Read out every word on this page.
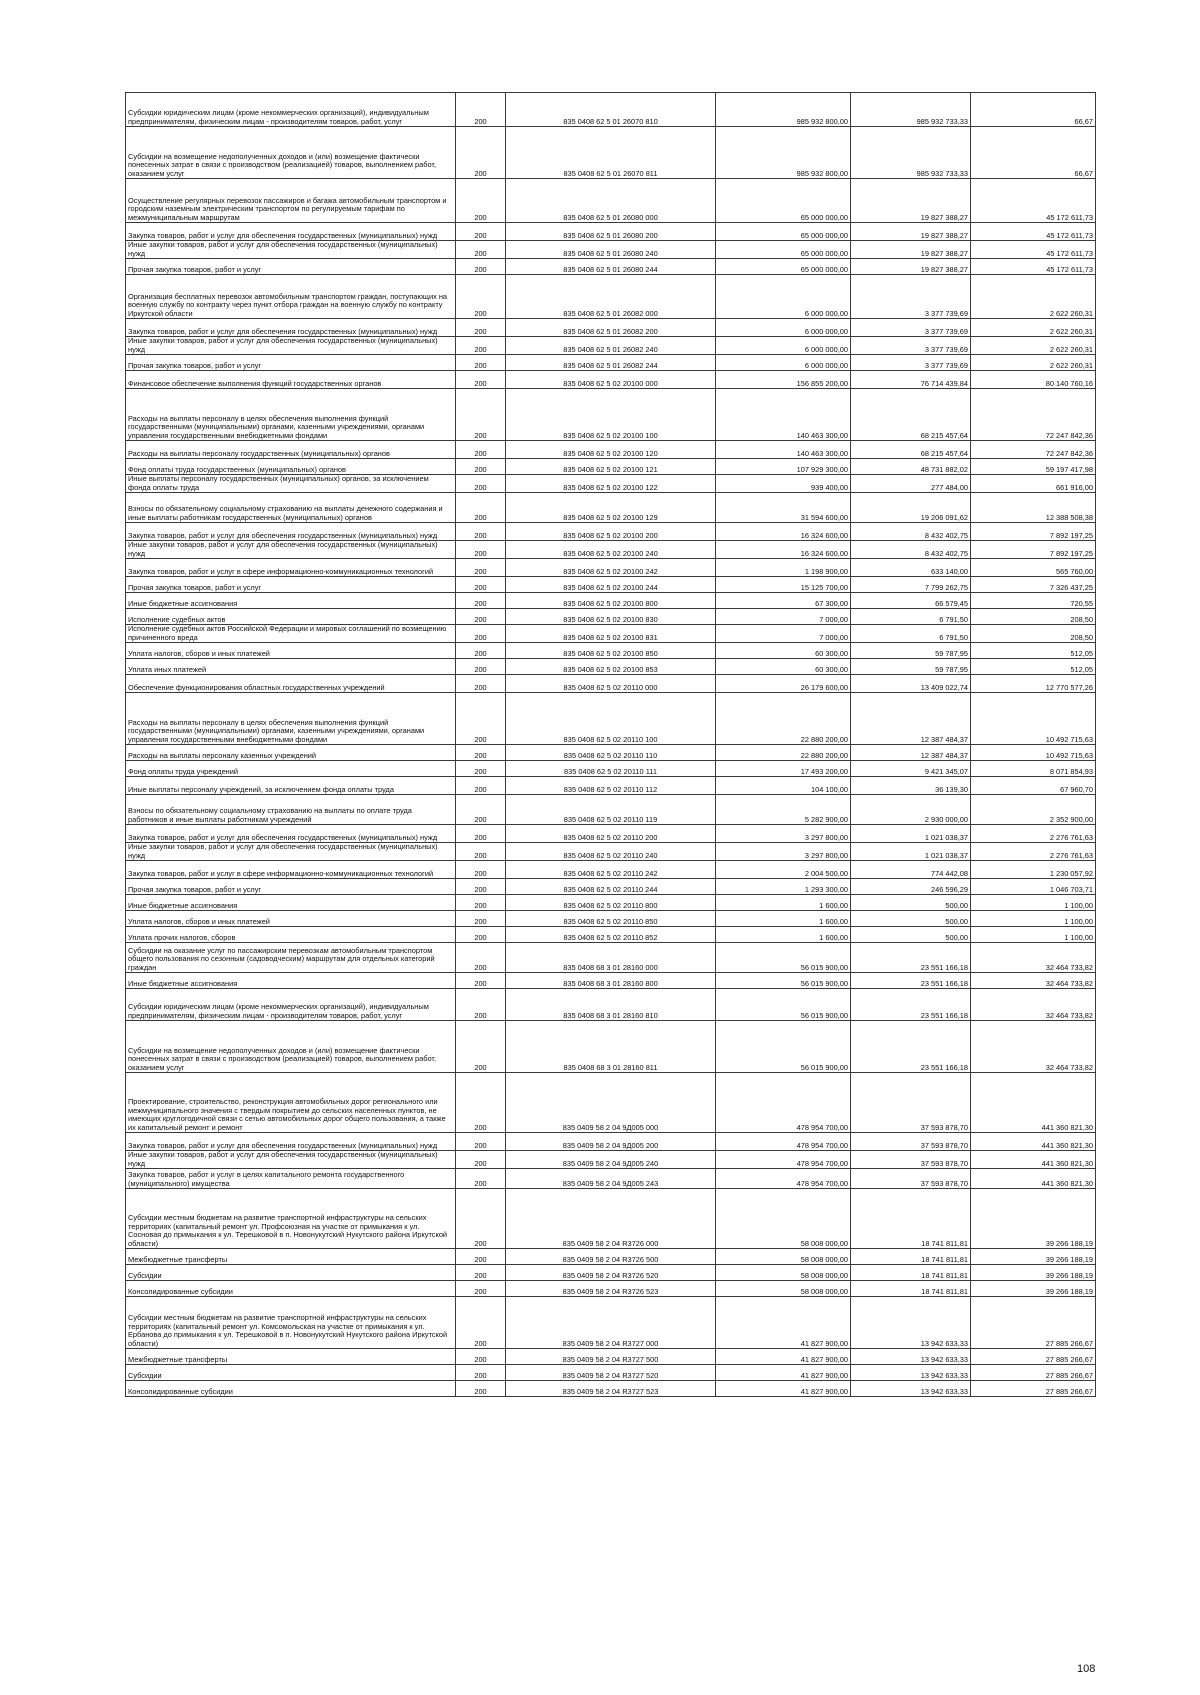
Субсидии юридическим лицам (кроме некоммерческих организаций), индивидуальным предпринимателям, физическим лицам - производителям товаров, работ, услуг	200	835 0408 62 5 01 26070 810	985 932 800,00	985 932 733,33	66,67
Субсидии на возмещение недополученных доходов и (или) возмещение фактически понесенных затрат в связи с производством (реализацией) товаров, выполнением работ, оказанием услуг	200	835 0408 62 5 01 26070 811	985 932 800,00	985 932 733,33	66,67
Осуществление регулярных перевозок пассажиров и багажа автомобильным транспортом и городским наземным электрическим транспортом по регулируемым тарифам по межмуниципальным маршрутам	200	835 0408 62 5 01 26080 000	65 000 000,00	19 827 388,27	45 172 611,73
Закупка товаров, работ и услуг для обеспечения государственных (муниципальных) нужд	200	835 0408 62 5 01 26080 200	65 000 000,00	19 827 388,27	45 172 611,73
Иные закупки товаров, работ и услуг для обеспечения государственных (муниципальных) нужд	200	835 0408 62 5 01 26080 240	65 000 000,00	19 827 388,27	45 172 611,73
Прочая закупка товаров, работ и услуг	200	835 0408 62 5 01 26080 244	65 000 000,00	19 827 388,27	45 172 611,73
Организация бесплатных перевозок автомобильным транспортом граждан, поступающих на военную службу по контракту через пункт отбора граждан на военную службу по контракту Иркутской области	200	835 0408 62 5 01 26082 000	6 000 000,00	3 377 739,69	2 622 260,31
Закупка товаров, работ и услуг для обеспечения государственных (муниципальных) нужд	200	835 0408 62 5 01 26082 200	6 000 000,00	3 377 739,69	2 622 260,31
Иные закупки товаров, работ и услуг для обеспечения государственных (муниципальных) нужд	200	835 0408 62 5 01 26082 240	6 000 000,00	3 377 739,69	2 622 260,31
Прочая закупка товаров, работ и услуг	200	835 0408 62 5 01 26082 244	6 000 000,00	3 377 739,69	2 622 260,31
Финансовое обеспечение выполнения функций государственных органов	200	835 0408 62 5 02 20100 000	156 855 200,00	76 714 439,84	80 140 760,16
Расходы на выплаты персоналу в целях обеспечения выполнения функций государственными (муниципальными) органами, казенными учреждениями, органами управления государственными внебюджетными фондами	200	835 0408 62 5 02 20100 100	140 463 300,00	68 215 457,64	72 247 842,36
Расходы на выплаты персоналу государственных (муниципальных) органов	200	835 0408 62 5 02 20100 120	140 463 300,00	68 215 457,64	72 247 842,36
Фонд оплаты труда государственных (муниципальных) органов	200	835 0408 62 5 02 20100 121	107 929 300,00	48 731 882,02	59 197 417,98
Иные выплаты персоналу государственных (муниципальных) органов, за исключением фонда оплаты труда	200	835 0408 62 5 02 20100 122	939 400,00	277 484,00	661 916,00
Взносы по обязательному социальному страхованию на выплаты денежного содержания и иные выплаты работникам государственных (муниципальных) органов	200	835 0408 62 5 02 20100 129	31 594 600,00	19 206 091,62	12 388 508,38
Закупка товаров, работ и услуг для обеспечения государственных (муниципальных) нужд	200	835 0408 62 5 02 20100 200	16 324 600,00	8 432 402,75	7 892 197,25
Иные закупки товаров, работ и услуг для обеспечения государственных (муниципальных) нужд	200	835 0408 62 5 02 20100 240	16 324 600,00	8 432 402,75	7 892 197,25
Закупка товаров, работ и услуг в сфере информационно-коммуникационных технологий	200	835 0408 62 5 02 20100 242	1 198 900,00	633 140,00	565 760,00
Прочая закупка товаров, работ и услуг	200	835 0408 62 5 02 20100 244	15 125 700,00	7 799 262,75	7 326 437,25
Иные бюджетные ассигнования	200	835 0408 62 5 02 20100 800	67 300,00	66 579,45	720,55
Исполнение судебных актов	200	835 0408 62 5 02 20100 830	7 000,00	6 791,50	208,50
Исполнение судебных актов Российской Федерации и мировых соглашений по возмещению причиненного вреда	200	835 0408 62 5 02 20100 831	7 000,00	6 791,50	208,50
Уплата налогов, сборов и иных платежей	200	835 0408 62 5 02 20100 850	60 300,00	59 787,95	512,05
Уплата иных платежей	200	835 0408 62 5 02 20100 853	60 300,00	59 787,95	512,05
Обеспечение функционирования областных государственных учреждений	200	835 0408 62 5 02 20110 000	26 179 600,00	13 409 022,74	12 770 577,26
Расходы на выплаты персоналу в целях обеспечения выполнения функций государственными (муниципальными) органами, казенными учреждениями, органами управления государственными внебюджетными фондами	200	835 0408 62 5 02 20110 100	22 880 200,00	12 387 484,37	10 492 715,63
Расходы на выплаты персоналу казенных учреждений	200	835 0408 62 5 02 20110 110	22 880 200,00	12 387 484,37	10 492 715,63
Фонд оплаты труда учреждений	200	835 0408 62 5 02 20110 111	17 493 200,00	9 421 345,07	8 071 854,93
Иные выплаты персоналу учреждений, за исключением фонда оплаты труда	200	835 0408 62 5 02 20110 112	104 100,00	36 139,30	67 960,70
Взносы по обязательному социальному страхованию на выплаты по оплате труда работников и иные выплаты работникам учреждений	200	835 0408 62 5 02 20110 119	5 282 900,00	2 930 000,00	2 352 900,00
Закупка товаров, работ и услуг для обеспечения государственных (муниципальных) нужд	200	835 0408 62 5 02 20110 200	3 297 800,00	1 021 038,37	2 276 761,63
Иные закупки товаров, работ и услуг для обеспечения государственных (муниципальных) нужд	200	835 0408 62 5 02 20110 240	3 297 800,00	1 021 038,37	2 276 761,63
Закупка товаров, работ и услуг в сфере информационно-коммуникационных технологий	200	835 0408 62 5 02 20110 242	2 004 500,00	774 442,08	1 230 057,92
Прочая закупка товаров, работ и услуг	200	835 0408 62 5 02 20110 244	1 293 300,00	246 596,29	1 046 703,71
Иные бюджетные ассигнования	200	835 0408 62 5 02 20110 800	1 600,00	500,00	1 100,00
Уплата налогов, сборов и иных платежей	200	835 0408 62 5 02 20110 850	1 600,00	500,00	1 100,00
Уплата прочих налогов, сборов	200	835 0408 62 5 02 20110 852	1 600,00	500,00	1 100,00
Субсидии на оказание услуг по пассажирским перевозкам автомобильным транспортом общего пользования по сезонным (садоводческим) маршрутам для отдельных категорий граждан	200	835 0408 68 3 01 28160 000	56 015 900,00	23 551 166,18	32 464 733,82
Иные бюджетные ассигнования	200	835 0408 68 3 01 28160 800	56 015 900,00	23 551 166,18	32 464 733,82
Субсидии юридическим лицам (кроме некоммерческих организаций), индивидуальным предпринимателям, физическим лицам - производителям товаров, работ, услуг	200	835 0408 68 3 01 28160 810	56 015 900,00	23 551 166,18	32 464 733,82
Субсидии на возмещение недополученных доходов и (или) возмещение фактически понесенных затрат в связи с производством (реализацией) товаров, выполнением работ, оказанием услуг	200	835 0408 68 3 01 28160 811	56 015 900,00	23 551 166,18	32 464 733,82
Проектирование, строительство, реконструкция автомобильных дорог регионального или межмуниципального значения с твердым покрытием до сельских населенных пунктов, не имеющих круглогодичной связи с сетью автомобильных дорог общего пользования, а также их капитальный ремонт и ремонт	200	835 0409 58 2 04 9Д005 000	478 954 700,00	37 593 878,70	441 360 821,30
Закупка товаров, работ и услуг для обеспечения государственных (муниципальных) нужд	200	835 0409 58 2 04 9Д005 200	478 954 700,00	37 593 878,70	441 360 821,30
Иные закупки товаров, работ и услуг для обеспечения государственных (муниципальных) нужд	200	835 0409 58 2 04 9Д005 240	478 954 700,00	37 593 878,70	441 360 821,30
Закупка товаров, работ и услуг в целях капитального ремонта государственного (муниципального) имущества	200	835 0409 58 2 04 9Д005 243	478 954 700,00	37 593 878,70	441 360 821,30
Субсидии местным бюджетам на развитие транспортной инфраструктуры на сельских территориях (капитальный ремонт ул. Профсоюзная на участке от примыкания к ул. Сосновая до примыкания к ул. Терешковой в п. Новонукутский Нукутского района Иркутской области)	200	835 0409 58 2 04 R3726 000	58 008 000,00	18 741 811,81	39 266 188,19
Межбюджетные трансферты	200	835 0409 58 2 04 R3726 500	58 008 000,00	18 741 811,81	39 266 188,19
Субсидии	200	835 0409 58 2 04 R3726 520	58 008 000,00	18 741 811,81	39 266 188,19
Консолидированные субсидии	200	835 0409 58 2 04 R3726 523	58 008 000,00	18 741 811,81	39 266 188,19
Субсидии местным бюджетам на развитие транспортной инфраструктуры на сельских территориях (капитальный ремонт ул. Комсомольская на участке от примыкания к ул. Ербанова до примыкания к ул. Терешковой в п. Новонукутский Нукутского района Иркутской области)	200	835 0409 58 2 04 R3727 000	41 827 900,00	13 942 633,33	27 885 266,67
Межбюджетные трансферты	200	835 0409 58 2 04 R3727 500	41 827 900,00	13 942 633,33	27 885 266,67
Субсидии	200	835 0409 58 2 04 R3727 520	41 827 900,00	13 942 633,33	27 885 266,67
Консолидированные субсидии	200	835 0409 58 2 04 R3727 523	41 827 900,00	13 942 633,33	27 885 266,67
108
